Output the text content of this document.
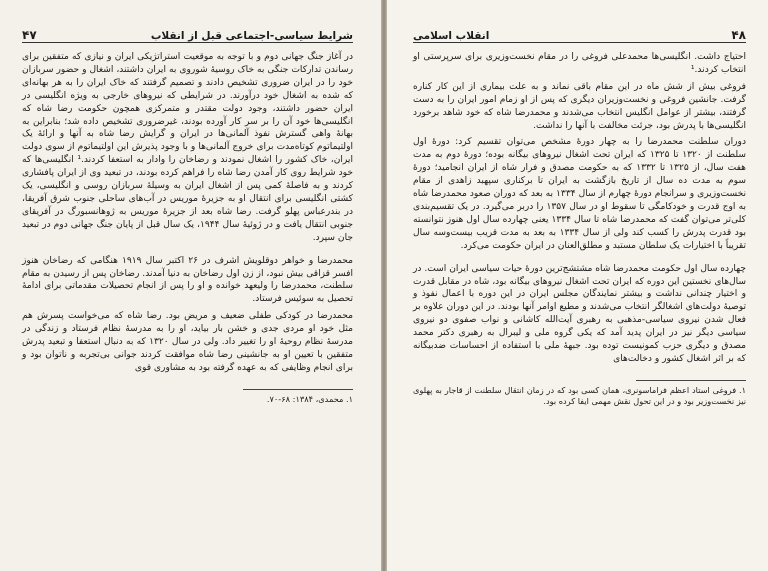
شرایط سیاسی-اجتماعی قبل از انقلاب
۴۷

در آغاز جنگ جهانی دوم و با توجه به موقعیت استراتژیکی ایران و نیازی که متفقین برای رساندن تدارکات جنگی به خاک روسیهٔ شوروی به ایران داشتند، اشغال و حضور سربازان خود را در ایران ضروری تشخیص دادند و تصمیم گرفتند که خاک ایران را به هر بهانه‌ای که شده به اشغال خود درآورند. در شرایطی که نیروهای خارجی به ویژه انگلیسی در ایران حضور داشتند، وجود دولت مقتدر و متمرکزی همچون حکومت رضا شاه که انگلیسی‌ها خود آن را بر سر کار آورده بودند، غیرضروری تشخیص داده شد؛ بنابراین به بهانهٔ واهی گسترش نفوذ آلمانی‌ها در ایران و گرایش رضا شاه به آنها و ارائهٔ یک اولتیماتوم کوتاه‌مدت برای خروج آلمانی‌ها و با وجود پذیرش این اولتیماتوم از سوی دولت ایران، خاک کشور را اشغال نمودند و رضاخان را وادار به استعفا کردند.¹ انگلیسی‌ها که خود شرایط روی کار آمدن رضا شاه را فراهم کرده بودند، در تبعید وی از ایران پافشاری کردند و به فاصلهٔ کمی پس از اشغال ایران به وسیلهٔ سربازان روسی و انگلیسی، یک کشتی انگلیسی برای انتقال او به جزیرهٔ موریس در آب‌های ساحلی جنوب شرق آفریقا، در بندرعباس پهلو گرفت. رضا شاه بعد از جزیرهٔ موریس به ژوهانسبورگ در آفریقای جنوبی انتقال یافت و در ژوئیهٔ سال ۱۹۴۴، یک سال قبل از پایان جنگ جهانی دوم در تبعید جان سپرد.

محمدرضا و خواهر دوقلویش اشرف در ۲۶ اکتبر سال ۱۹۱۹ هنگامی که رضاخان هنوز افسر قزاقی بیش نبود، از زن اول رضاخان به دنیا آمدند. رضاخان پس از رسیدن به مقام سلطنت، محمدرضا را ولیعهد خوانده و او را پس از انجام تحصیلات مقدماتی برای ادامهٔ تحصیل به سوئیس فرستاد.

محمدرضا در کودکی طفلی ضعیف و مریض بود. رضا شاه که می‌خواست پسرش هم مثل خود او مردی جدی و خشن بار بیاید، او را به مدرسهٔ نظام فرستاد و زندگی در مدرسهٔ نظام روحیهٔ او را تغییر داد. ولی در سال ۱۳۲۰ که به دنبال استعفا و تبعید پدرش متفقین با تعیین او به جانشینی رضا شاه موافقت کردند جوانی بی‌تجربه و ناتوان بود و برای انجام وظایفی که به عهده گرفته بود به مشاوری قوی

۱. محمدی، ۱۳۸۴: ۶۸-۷۰.

۴۸
انقلاب اسلامی

احتیاج داشت. انگلیسی‌ها محمدعلی فروغی را در مقام نخست‌وزیری برای سرپرستی او انتخاب کردند.¹

فروغی بیش از شش ماه در این مقام باقی نماند و به علت بیماری از این کار کناره گرفت. جانشین فروغی و نخست‌وزیران دیگری که پس از او زمام امور ایران را به دست گرفتند، بیشتر از عوامل انگلیس انتخاب می‌شدند و محمدرضا شاه که خود شاهد برخورد انگلیسی‌ها با پدرش بود، جرئت مخالفت با آنها را نداشت.

دوران سلطنت محمدرضا را به چهار دورهٔ مشخص می‌توان تقسیم کرد: دورهٔ اول سلطنت از ۱۳۲۰ تا ۱۳۲۵ که ایران تحت اشغال نیروهای بیگانه بوده؛ دورهٔ دوم به مدت هفت سال، از ۱۳۲۵ تا ۱۳۳۲ که به حکومت مصدق و فرار شاه از ایران انجامید؛ دورهٔ سوم به مدت ده سال از تاریخ بازگشت به ایران تا برکناری سپهبد زاهدی از مقام نخست‌وزیری و سرانجام دورهٔ چهارم از سال ۱۳۳۴ به بعد که دوران صعود محمدرضا شاه به اوج قدرت و خودکامگی تا سقوط او در سال ۱۳۵۷ را دربر می‌گیرد. در یک تقسیم‌بندی کلی‌تر می‌توان گفت که محمدرضا شاه تا سال ۱۳۳۴ یعنی چهارده سال اول هنوز نتوانسته بود قدرت پدرش را کسب کند ولی از سال ۱۳۳۴ به بعد به مدت قریب بیست‌وسه سال تقریباً با اختیارات یک سلطان مستبد و مطلق‌العنان در ایران حکومت می‌کرد.

چهارده سال اول حکومت محمدرضا شاه مشتشج‌ترین دورهٔ حیات سیاسی ایران است. در سال‌های نخستین این دوره که ایران تحت اشغال نیروهای بیگانه بود، شاه در مقابل قدرت و اختیار چندانی نداشت و بیشتر نمایندگان مجلس ایران در این دوره با اعمال نفوذ و توصیهٔ دولت‌های اشغالگر انتخاب می‌شدند و مطیع اوامر آنها بودند. در این دوران علاوه بر فعال شدن نیروی سیاسی-مذهبی به رهبری آیت‌الله کاشانی و نواب صفوی دو نیروی سیاسی دیگر نیز در ایران پدید آمد که یکی گروه ملی و لیبرال به رهبری دکتر محمد مصدق و دیگری حزب کمونیست توده بود. جبههٔ ملی با استفاده از احساسات ضدبیگانه که بر اثر اشغال کشور و دخالت‌های

۱. فروغی استاد اعظم فراماسونری، همان کسی بود که در زمان انتقال سلطنت از قاجار به پهلوی نیز نخست‌وزیر بود و در این تحول نقش مهمی ایفا کرده بود.
